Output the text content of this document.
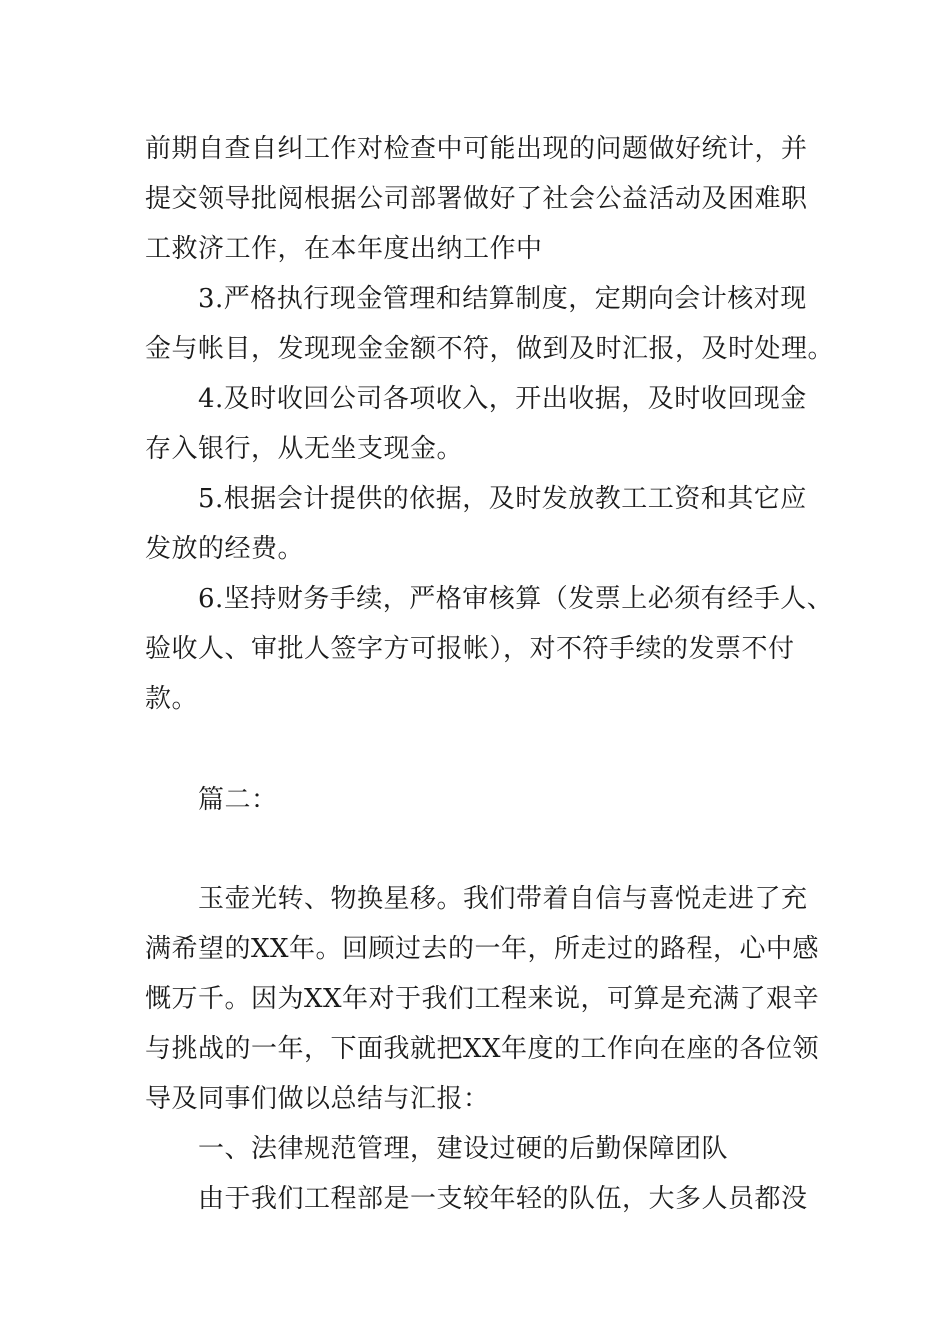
前期自查自纠工作对检查中可能出现的问题做好统计，并
提交领导批阅根据公司部署做好了社会公益活动及困难职
工救济工作，在本年度出纳工作中
3.严格执行现金管理和结算制度，定期向会计核对现
金与帐目，发现现金金额不符，做到及时汇报，及时处理。
4.及时收回公司各项收入，开出收据，及时收回现金
存入银行，从无坐支现金。
5.根据会计提供的依据，及时发放教工工资和其它应
发放的经费。
6.坚持财务手续，严格审核算（发票上必须有经手人、
验收人、审批人签字方可报帐），对不符手续的发票不付
款。
篇二：
玉壶光转、物换星移。我们带着自信与喜悦走进了充
满希望的XX年。回顾过去的一年，所走过的路程，心中感
慨万千。因为XX年对于我们工程来说，可算是充满了艰辛
与挑战的一年，下面我就把XX年度的工作向在座的各位领
导及同事们做以总结与汇报：
一、法律规范管理，建设过硬的后勤保障团队
由于我们工程部是一支较年轻的队伍，大多人员都没
